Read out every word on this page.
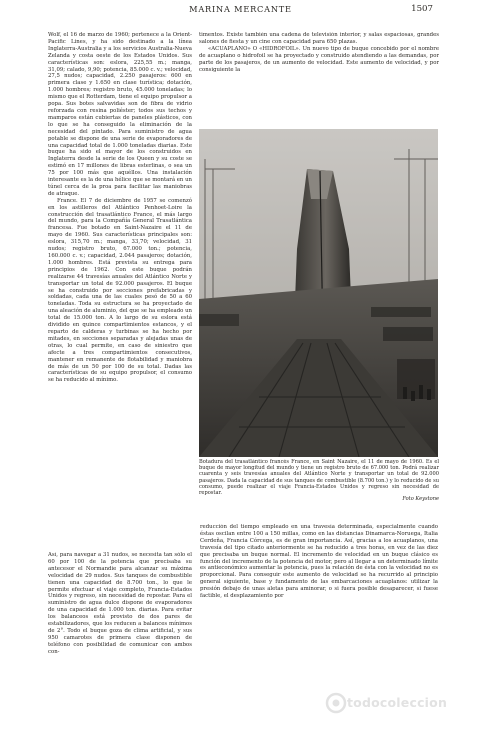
MARINA MERCANTE	1507

Wolf, el 16 de marzo de 1960; pertenece a la Orient-Pacific Lines, y ha sido destinado a la línea Inglaterra-Australia y a los servicios Australia-Nueva Zelanda y costa oeste de los Estados Unidos. Sus características son: eslora, 225,55 m.; manga, 31,09; calado, 9,90; potencia, 85.000 c. v.; velocidad, 27,5 nudos; capacidad, 2.250 pasajeros: 600 en primera clase y 1.650 en clase turística; dotación, 1.000 hombres; registro bruto, 45.000 toneladas; lo mismo que el Rotterdam, tiene el equipo propulsor a popa. Sus botes salvavidas son de fibra de vidrio reforzada con resina poliéster; todos sus techos y mamparos están cubiertas de paneles plásticos, con lo que se ha conseguido la eliminación de la necesidad del pintado. Para suministro de agua potable se dispone de una serie de evaporadores de una capacidad total de 1.000 toneladas diarias. Este buque ha sido el mayor de los construidos en Inglaterra desde la serie de los Queen y su coste se estimó en 17 millones de libras esterlinas, o sea un 75 por 100 más que aquéllos. Una instalación interesante es la de una hélice que se montará en un túnel cerca de la proa para facilitar las maniobras de atraque.

France. El 7 de diciembre de 1957 se comenzó en los astilleros del Atlántico Penhoet-Loire la construcción del trasatlántico France, el más largo del mundo, para la Compañía General Trasatlántica francesa. Fue botado en Saint-Nazaire el 11 de mayo de 1960. Sus características principales son: eslora, 315,70 m.; manga, 33,70; velocidad, 31 nudos; registro bruto, 67.000 ton.; potencia, 160.000 c. v.; capacidad, 2.044 pasajeros; dotación, 1.000 hombres. Está prevista su entrega para principios de 1962. Con este buque podrán realizarse 44 travesías anuales del Atlántico Norte y transportar un total de 92.000 pasajeros. El buque se ha construido por secciones prefabricadas y soldadas, cada una de las cuales pesó de 50 a 60 toneladas. Toda su estructura se ha proyectado de una aleación de aluminio, del que se ha empleado un total de 15.000 ton. A lo largo de su eslora está dividido en quince compartimientos estancos, y el reparto de calderas y turbinas se ha hecho por mitades, en secciones separadas y alejadas unas de otras, lo cual permite, en caso de siniestro que afecte a tres compartimientos consecutivos, mantener en remanente de flotabilidad y maniobra de más de un 50 por 100 de su total. Dadas las características de su equipo propulsor, el consumo se ha reducido al mínimo.

timentos. Existe también una cadena de televisión interior, y salas espaciosas, grandes salones de fiesta y un cine con capacidad para 650 plazas.

«ACUAPLANO» O «HIDROFOIL». Un nuevo tipo de buque concebido por el nombre de acuaplano o hidrofoil se ha proyectado y construido atendiendo a las demandas, por parte de los pasajeros, de un aumento de velocidad. Este aumento de velocidad, y por consiguiente la

Botadura del trasatlántico francés France, en Saint Nazaire, el 11 de mayo de 1960. Es el buque de mayor longitud del mundo y tiene un registro bruto de 67.000 ton. Podrá realizar cuarenta y seis travesías anuales del Atlántico Norte y transportar un total de 92.000 pasajeros. Dada la capacidad de sus tanques de combustible (8.700 ton.) y lo reducido de su consumo, puede realizar el viaje Francia-Estados Unidos y regreso sin necesidad de repostar.
Foto Keystone

Así, para navegar a 31 nudos, se necesita tan sólo el 60 por 100 de la potencia que precisaba su antecesor el Normandie para alcanzar su máxima velocidad de 29 nudos. Sus tanques de combustible tienen una capacidad de 8.700 ton., lo que le permite efectuar el viaje completo, Francia-Estados Unidos y regreso, sin necesidad de repostar. Para el suministro de agua dulce dispone de evaporadores de una capacidad de 1.000 ton. diarias. Para evitar los balanceos está provisto de dos pares de estabilizadores, que los reducen a balances mínimos de 2°. Todo el buque goza de clima artificial, y sus 950 camarotes de primera clase disponen de teléfono con posibilidad de comunicar con ambos con-

reducción del tiempo empleado en una travesía determinada, especialmente cuando éstas oscilan entre 100 a 150 millas, como en las distancias Dinamarca-Noruega, Italia Cerdeña, Francia Córcega, es de gran importancia. Así, gracias a los acuaplanos, una travesía del tipo citado anteriormente se ha reducido a tres horas, en vez de las diez que precisaba un buque normal. El incremento de velocidad en un buque clásico es función del incremento de la potencia del motor, pero al llegar a un determinado límite es antieconómico aumentar la potencia, pues la relación de ésta con la velocidad no es proporcional. Para conseguir este aumento de velocidad se ha recurrido al principio general siguiente, base y fundamento de las embarcaciones acuaplanos: utilizar la presión debajo de unas aletas para aminorar, o si fuera posible desaparecer, si fuese factible, el desplazamiento por

todocoleccion
